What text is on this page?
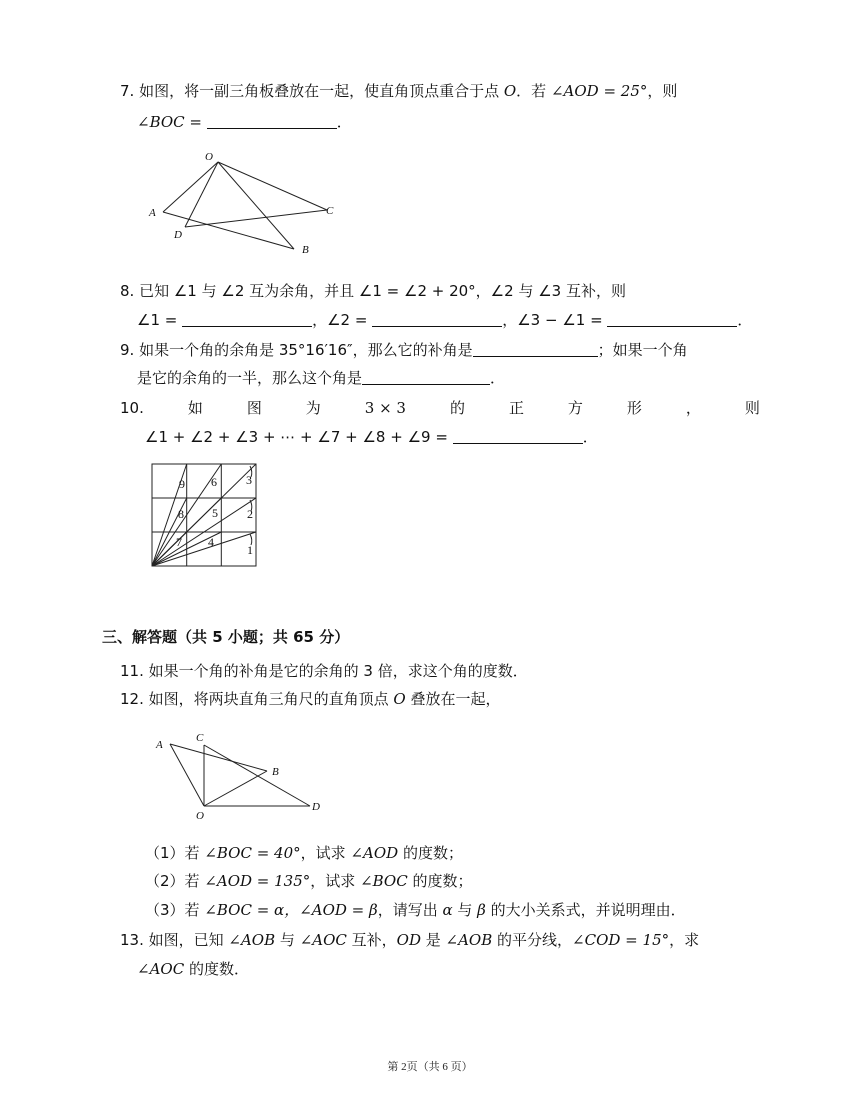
7. 如图，将一副三角板叠放在一起，使直角顶点重合于点 O．若 ∠AOD = 25°，则
∠BOC =	．
O
A
D
B
C
8. 已知 ∠1 与 ∠2 互为余角，并且 ∠1 = ∠2 + 20°，∠2 与 ∠3 互补，则
∠1 =	，∠2 =	，∠3 − ∠1 =	．
9. 如果一个角的余角是 35°16′16″，那么它的补角是	；如果一个角
是它的余角的一半，那么这个角是	．
10.	如	图	为	3 × 3	的	正	方	形	，	则
∠1 + ∠2 + ∠3 + ⋯ + ∠7 + ∠8 + ∠9 =	．
1
2
3
4
5
6
7
8
9
三、解答题（共 5 小题；共 65 分）
11. 如果一个角的补角是它的余角的 3 倍，求这个角的度数．
12. 如图，将两块直角三角尺的直角顶点 O 叠放在一起，
A
C
B
O
D
（1）若 ∠BOC = 40°，试求 ∠AOD 的度数；
（2）若 ∠AOD = 135°，试求 ∠BOC 的度数；
（3）若 ∠BOC = α，∠AOD = β，请写出 α 与 β 的大小关系式，并说明理由．
13. 如图，已知 ∠AOB 与 ∠AOC 互补，OD 是 ∠AOB 的平分线，∠COD = 15°，求
∠AOC 的度数．
第 2页（共 6 页）
